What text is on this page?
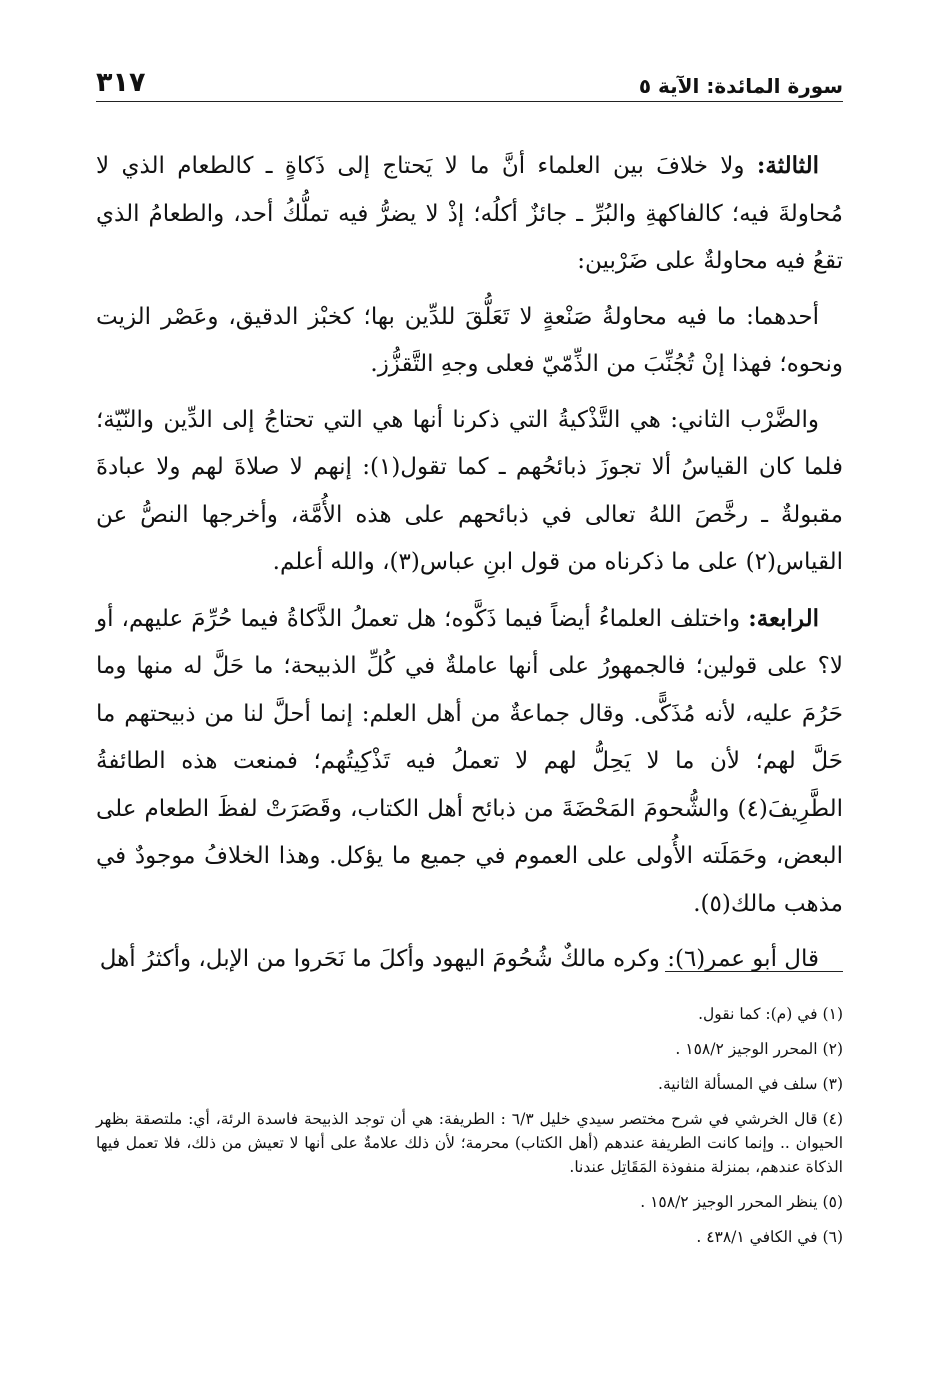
سورة المائدة: الآية ٥
٣١٧

الثالثة: ولا خلافَ بين العلماء أنَّ ما لا يَحتاج إلى ذَكاةٍ ـ كالطعام الذي لا مُحاولةَ فيه؛ كالفاكهةِ والبُرِّ ـ جائزٌ أكلُه؛ إذْ لا يضرُّ فيه تملُّكُ أحد، والطعامُ الذي تقعُ فيه محاولةٌ على ضَرْبين:

أحدهما: ما فيه محاولةُ صَنْعةٍ لا تَعَلُّقَ للدِّين بها؛ كخبْز الدقيق، وعَصْر الزيت ونحوه؛ فهذا إنْ تُجُنِّبَ من الذِّمّيّ فعلى وجهِ التَّقزُّز.

والضَّرْب الثاني: هي التَّذْكيةُ التي ذكرنا أنها هي التي تحتاجُ إلى الدِّين والنّيّة؛ فلما كان القياسُ ألا تجوزَ ذبائحُهم ـ كما تقول(١): إنهم لا صلاةَ لهم ولا عبادةَ مقبولةٌ ـ رخَّصَ اللهُ تعالى في ذبائحهم على هذه الأُمَّة، وأخرجها النصُّ عن القياس(٢) على ما ذكرناه من قول ابنِ عباس(٣)، والله أعلم.

الرابعة: واختلف العلماءُ أيضاً فيما ذَكَّوه؛ هل تعملُ الذَّكاةُ فيما حُرِّمَ عليهم، أو لا؟ على قولين؛ فالجمهورُ على أنها عاملةٌ في كُلِّ الذبيحة؛ ما حَلَّ له منها وما حَرُمَ عليه، لأنه مُذَكًّى. وقال جماعةٌ من أهل العلم: إنما أحلَّ لنا من ذبيحتهم ما حَلَّ لهم؛ لأن ما لا يَحِلُّ لهم لا تعملُ فيه تَذْكِيتُهم؛ فمنعت هذه الطائفةُ الطَّرِيفَ(٤) والشُّحومَ المَحْضَةَ من ذبائح أهل الكتاب، وقَصَرَتْ لفظَ الطعام على البعض، وحَمَلَته الأُولى على العموم في جميع ما يؤكل. وهذا الخلافُ موجودٌ في مذهب مالك(٥).

قال أبو عمر(٦): وكره مالكٌ شُحُومَ اليهود وأكلَ ما نَحَروا من الإبل، وأكثرُ أهل

(١)في (م): كما نقول.
(٢)المحرر الوجيز ١٥٨/٢ .
(٣)سلف في المسألة الثانية.
(٤)قال الخرشي في شرح مختصر سيدي خليل ٦/٣ : الطريفة: هي أن توجد الذبيحة فاسدة الرئة، أي: ملتصقة بظهر الحيوان .. وإنما كانت الطريفة عندهم (أهل الكتاب) محرمة؛ لأن ذلك علامةٌ على أنها لا تعيش من ذلك، فلا تعمل فيها الذكاة عندهم، بمنزلة منفوذة المَقَاتِل عندنا.
(٥)ينظر المحرر الوجيز ١٥٨/٢ .
(٦)في الكافي ٤٣٨/١ .
